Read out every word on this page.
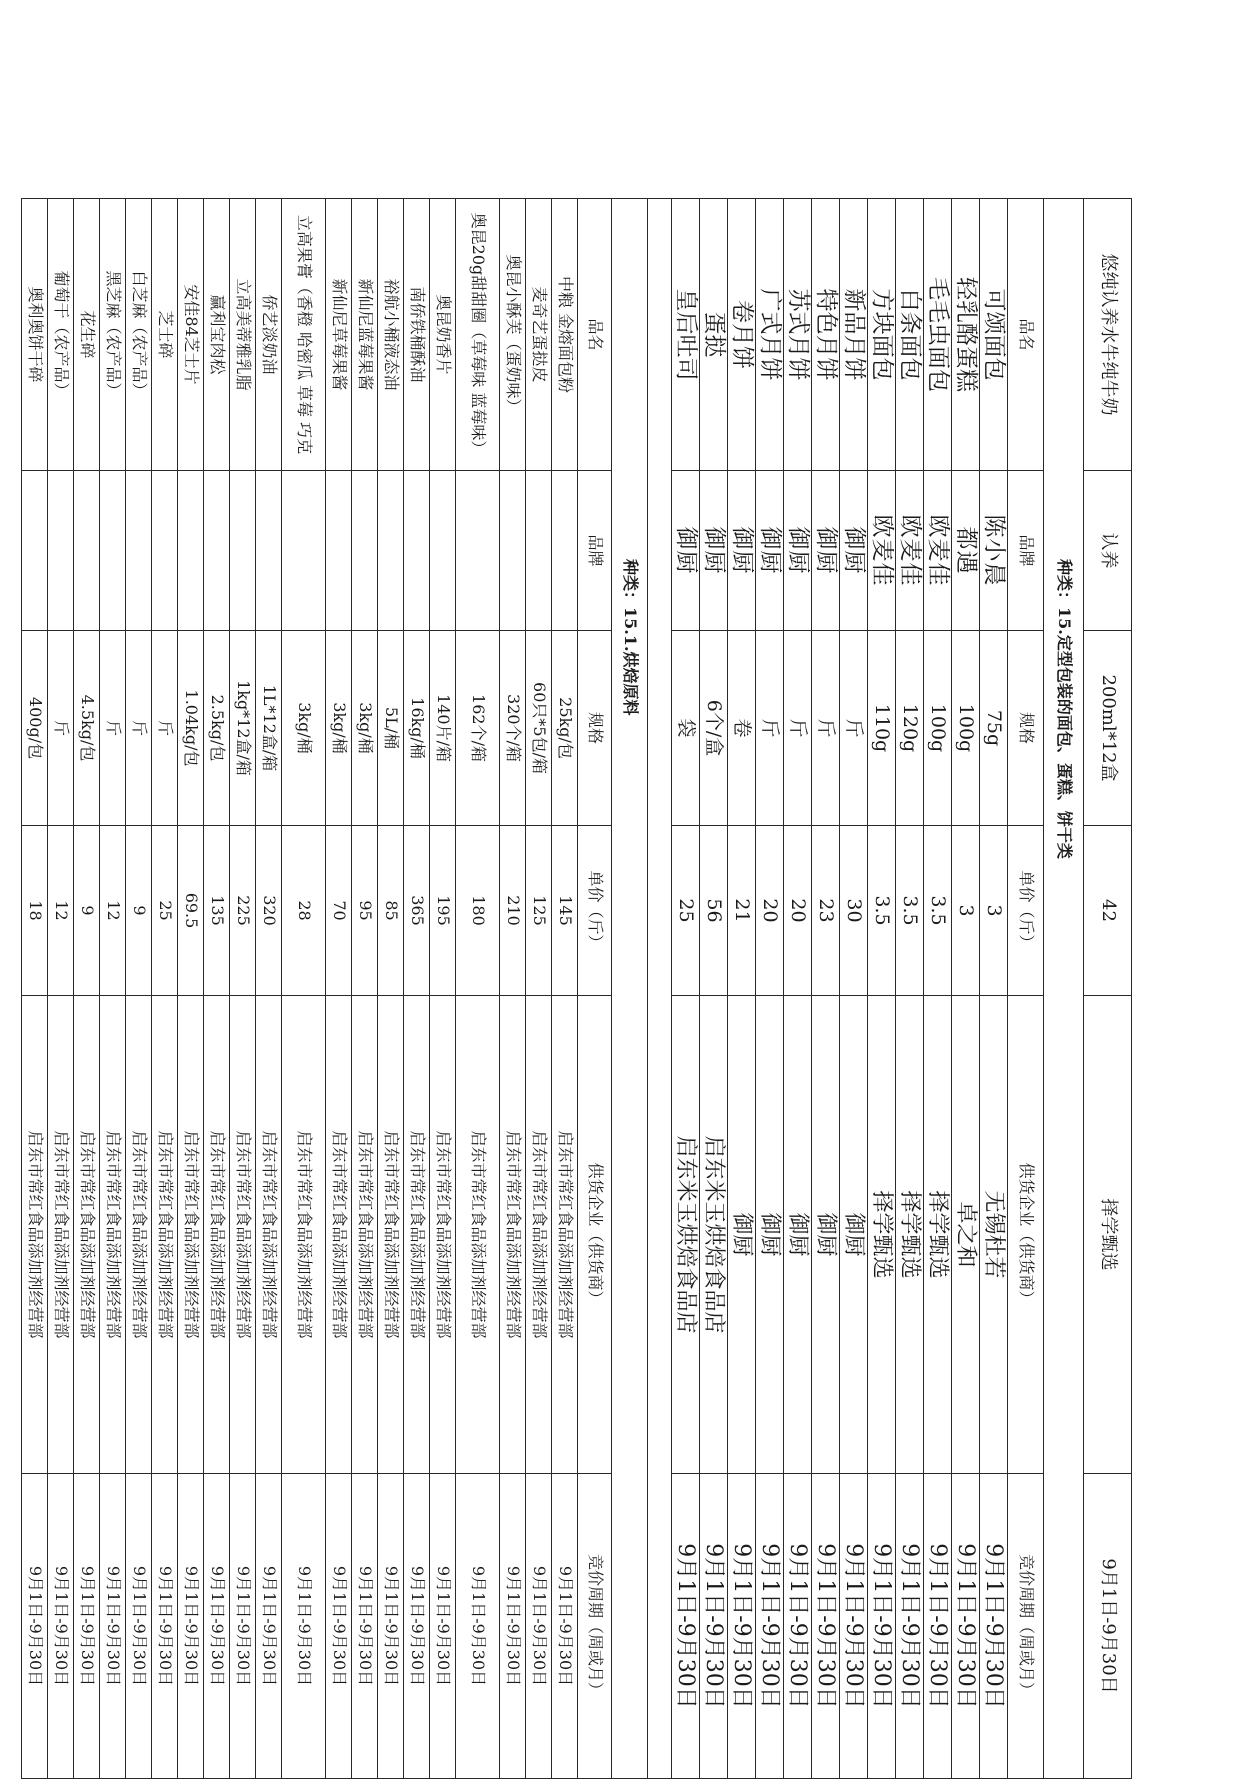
悠纯认养水牛纯牛奶	认养	200ml*12盒	42	择学甄选	9月1日-9月30日
种类：15.定型包装的面包、蛋糕、饼干类					
品名	品牌	规格	单价（斤）	供货企业（供货商）	竞价周期（周或月）
可颂面包	陈小晨	75g	3	无锡杜若	9月1日-9月30日
轻乳酪蛋糕	都遇	100g	3	卓之和	9月1日-9月30日
毛毛虫面包	欧麦佳	100g	3.5	择学甄选	9月1日-9月30日
白条面包	欧麦佳	120g	3.5	择学甄选	9月1日-9月30日
方块面包	欧麦佳	110g	3.5	择学甄选	9月1日-9月30日
新品月饼	御厨	斤	30	御厨	9月1日-9月30日
特色月饼	御厨	斤	23	御厨	9月1日-9月30日
苏式月饼	御厨	斤	20	御厨	9月1日-9月30日
广式月饼	御厨	斤	20	御厨	9月1日-9月30日
卷月饼	御厨	卷	21	御厨	9月1日-9月30日
蛋挞	御厨	6个/盒	56	启东米玉烘焙食品店	9月1日-9月30日
皇后吐司	御厨	袋	25	启东米玉烘焙食品店	9月1日-9月30日

种类：15.1.烘焙原料					
品名	品牌	规格	单价（斤）	供货企业（供货商）	竞价周期（周或月）
中粮 金熔面包粉		25kg/包	145	启东市常红食品添加剂经营部	9月1日-9月30日
麦奇艺蛋挞皮		60只*5包/箱	125	启东市常红食品添加剂经营部	9月1日-9月30日
奥昆小酥芙（蛋奶味）		320个/箱	210	启东市常红食品添加剂经营部	9月1日-9月30日
奥昆20g甜甜圈（草莓味 蓝莓味）		162个/箱	180	启东市常红食品添加剂经营部	9月1日-9月30日
奥昆奶香片		140片/箱	195	启东市常红食品添加剂经营部	9月1日-9月30日
南侨铁桶酥油		16kg/桶	365	启东市常红食品添加剂经营部	9月1日-9月30日
裕航小桶液态油		5L/桶	85	启东市常红食品添加剂经营部	9月1日-9月30日
新仙尼蓝莓果酱		3kg/桶	95	启东市常红食品添加剂经营部	9月1日-9月30日
新仙尼草莓果酱		3kg/桶	70	启东市常红食品添加剂经营部	9月1日-9月30日
立高果膏（香橙 哈密瓜 草莓 巧克		3kg/桶	28	启东市常红食品添加剂经营部	9月1日-9月30日
侨艺淡奶油		1L*12盒/箱	320	启东市常红食品添加剂经营部	9月1日-9月30日
立高美蒂雅乳脂		1kg*12盒/箱	225	启东市常红食品添加剂经营部	9月1日-9月30日
赢利宝肉松		2.5kg/包	135	启东市常红食品添加剂经营部	9月1日-9月30日
安佳84芝士片		1.04kg/包	69.5	启东市常红食品添加剂经营部	9月1日-9月30日
芝士碎		斤	25	启东市常红食品添加剂经营部	9月1日-9月30日
白芝麻（农产品）		斤	9	启东市常红食品添加剂经营部	9月1日-9月30日
黑芝麻（农产品）		斤	12	启东市常红食品添加剂经营部	9月1日-9月30日
花生碎		4.5kg/包	9	启东市常红食品添加剂经营部	9月1日-9月30日
葡萄干（农产品）		斤	12	启东市常红食品添加剂经营部	9月1日-9月30日
奥利奥饼干碎		400g/包	18	启东市常红食品添加剂经营部	9月1日-9月30日
